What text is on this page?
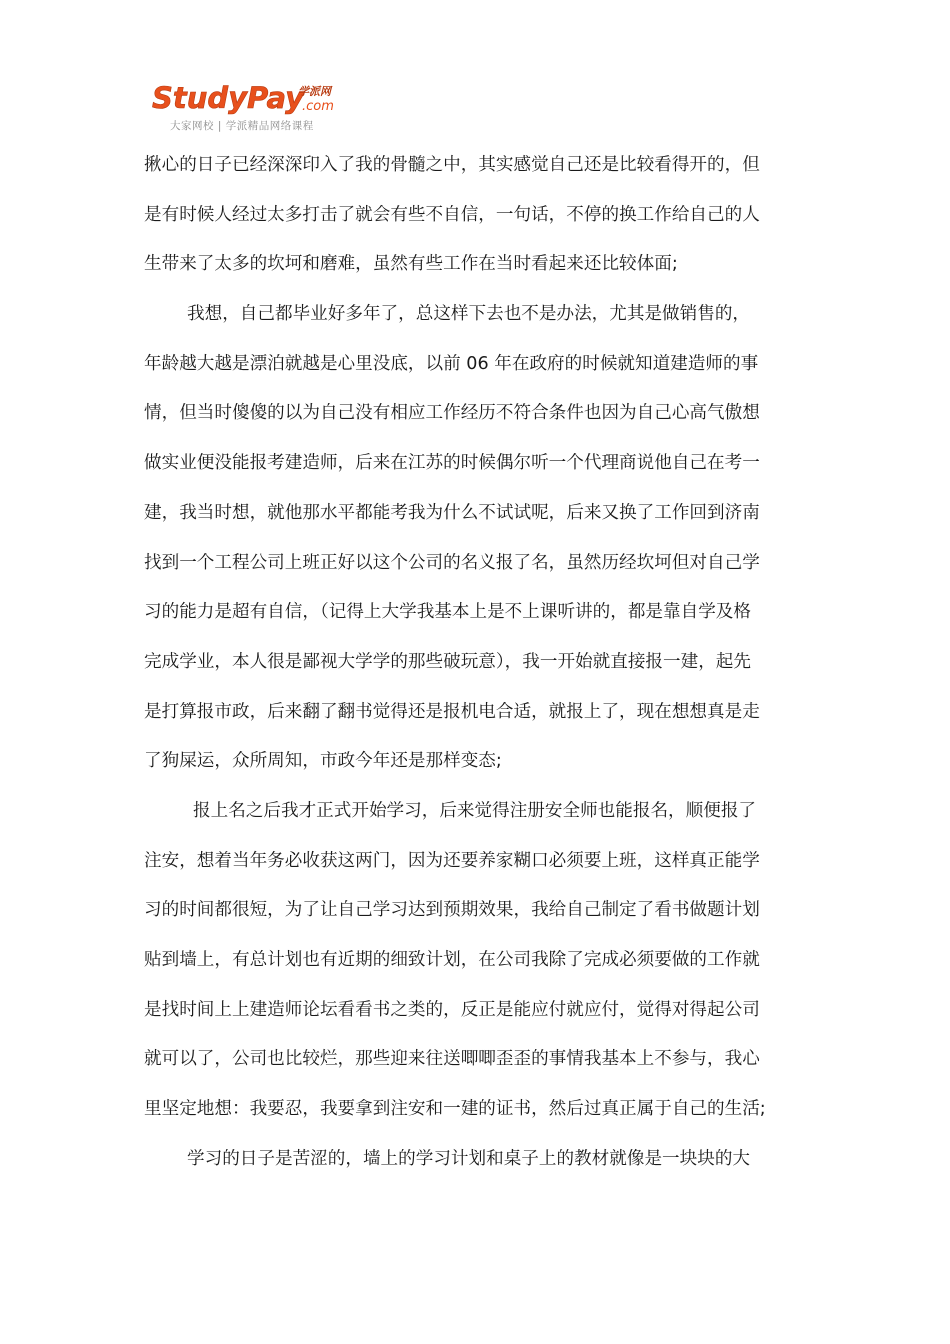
StudyPay
学派网
.com
大家网校 | 学派精品网络课程
揪心的日子已经深深印入了我的骨髓之中，其实感觉自己还是比较看得开的，但
是有时候人经过太多打击了就会有些不自信，一句话，不停的换工作给自己的人
生带来了太多的坎坷和磨难，虽然有些工作在当时看起来还比较体面;
我想，自己都毕业好多年了，总这样下去也不是办法，尤其是做销售的，
年龄越大越是漂泊就越是心里没底，以前 06 年在政府的时候就知道建造师的事
情，但当时傻傻的以为自己没有相应工作经历不符合条件也因为自己心高气傲想
做实业便没能报考建造师，后来在江苏的时候偶尔听一个代理商说他自己在考一
建，我当时想，就他那水平都能考我为什么不试试呢，后来又换了工作回到济南
找到一个工程公司上班正好以这个公司的名义报了名，虽然历经坎坷但对自己学
习的能力是超有自信，（记得上大学我基本上是不上课听讲的，都是靠自学及格
完成学业，本人很是鄙视大学学的那些破玩意），我一开始就直接报一建，起先
是打算报市政，后来翻了翻书觉得还是报机电合适，就报上了，现在想想真是走
了狗屎运，众所周知，市政今年还是那样变态;
报上名之后我才正式开始学习，后来觉得注册安全师也能报名，顺便报了
注安，想着当年务必收获这两门，因为还要养家糊口必须要上班，这样真正能学
习的时间都很短，为了让自己学习达到预期效果，我给自己制定了看书做题计划
贴到墙上，有总计划也有近期的细致计划，在公司我除了完成必须要做的工作就
是找时间上上建造师论坛看看书之类的，反正是能应付就应付，觉得对得起公司
就可以了，公司也比较烂，那些迎来往送唧唧歪歪的事情我基本上不参与，我心
里坚定地想：我要忍，我要拿到注安和一建的证书，然后过真正属于自己的生活;
学习的日子是苦涩的，墙上的学习计划和桌子上的教材就像是一块块的大
